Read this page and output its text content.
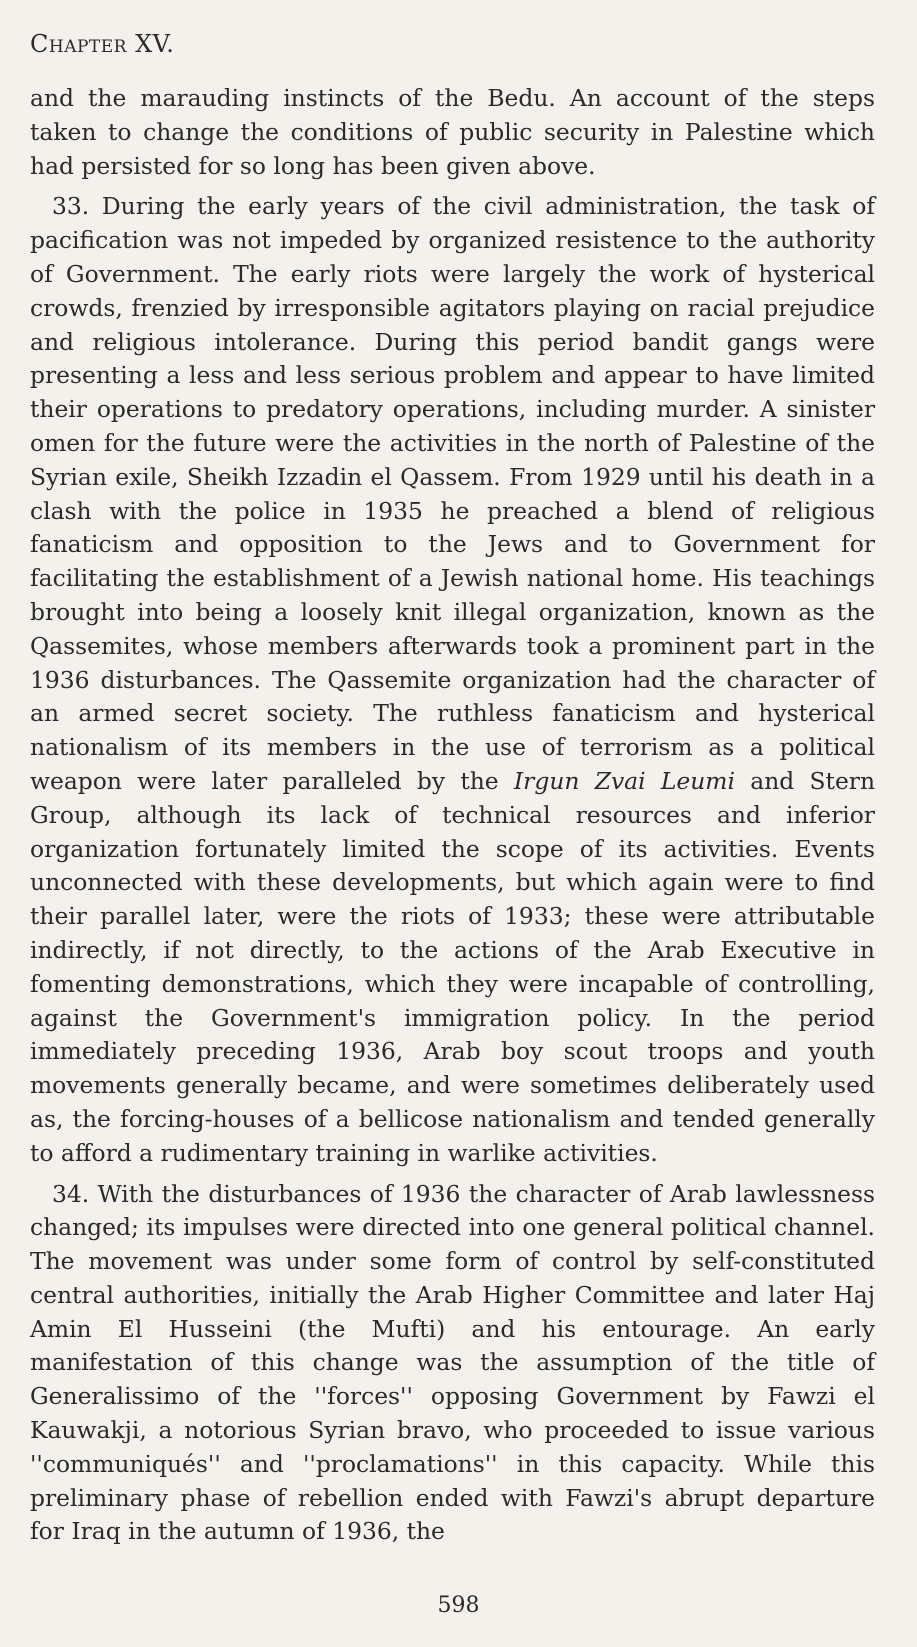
Chapter XV.

and the marauding instincts of the Bedu. An account of the steps taken to change the conditions of public security in Palestine which had persisted for so long has been given above.

33. During the early years of the civil administration, the task of pacification was not impeded by organized resistence to the authority of Government. The early riots were largely the work of hysterical crowds, frenzied by irresponsible agitators playing on racial prejudice and religious intolerance. During this period bandit gangs were presenting a less and less serious problem and appear to have limited their operations to predatory operations, including murder. A sinister omen for the future were the activities in the north of Palestine of the Syrian exile, Sheikh Izzadin el Qassem. From 1929 until his death in a clash with the police in 1935 he preached a blend of religious fanaticism and opposition to the Jews and to Government for facilitating the establishment of a Jewish national home. His teachings brought into being a loosely knit illegal organization, known as the Qassemites, whose members afterwards took a prominent part in the 1936 disturbances. The Qassemite organization had the character of an armed secret society. The ruthless fanaticism and hysterical nationalism of its members in the use of terrorism as a political weapon were later paralleled by the Irgun Zvai Leumi and Stern Group, although its lack of technical resources and inferior organization fortunately limited the scope of its activities. Events unconnected with these developments, but which again were to find their parallel later, were the riots of 1933; these were attributable indirectly, if not directly, to the actions of the Arab Executive in fomenting demonstrations, which they were incapable of controlling, against the Government's immigration policy. In the period immediately preceding 1936, Arab boy scout troops and youth movements generally became, and were sometimes deliberately used as, the forcing-houses of a bellicose nationalism and tended generally to afford a rudimentary training in warlike activities.

34. With the disturbances of 1936 the character of Arab lawlessness changed; its impulses were directed into one general political channel. The movement was under some form of control by self-constituted central authorities, initially the Arab Higher Committee and later Haj Amin El Husseini (the Mufti) and his entourage. An early manifestation of this change was the assumption of the title of Generalissimo of the ''forces'' opposing Government by Fawzi el Kauwakji, a notorious Syrian bravo, who proceeded to issue various ''communiqués'' and ''proclamations'' in this capacity. While this preliminary phase of rebellion ended with Fawzi's abrupt departure for Iraq in the autumn of 1936, the

598
